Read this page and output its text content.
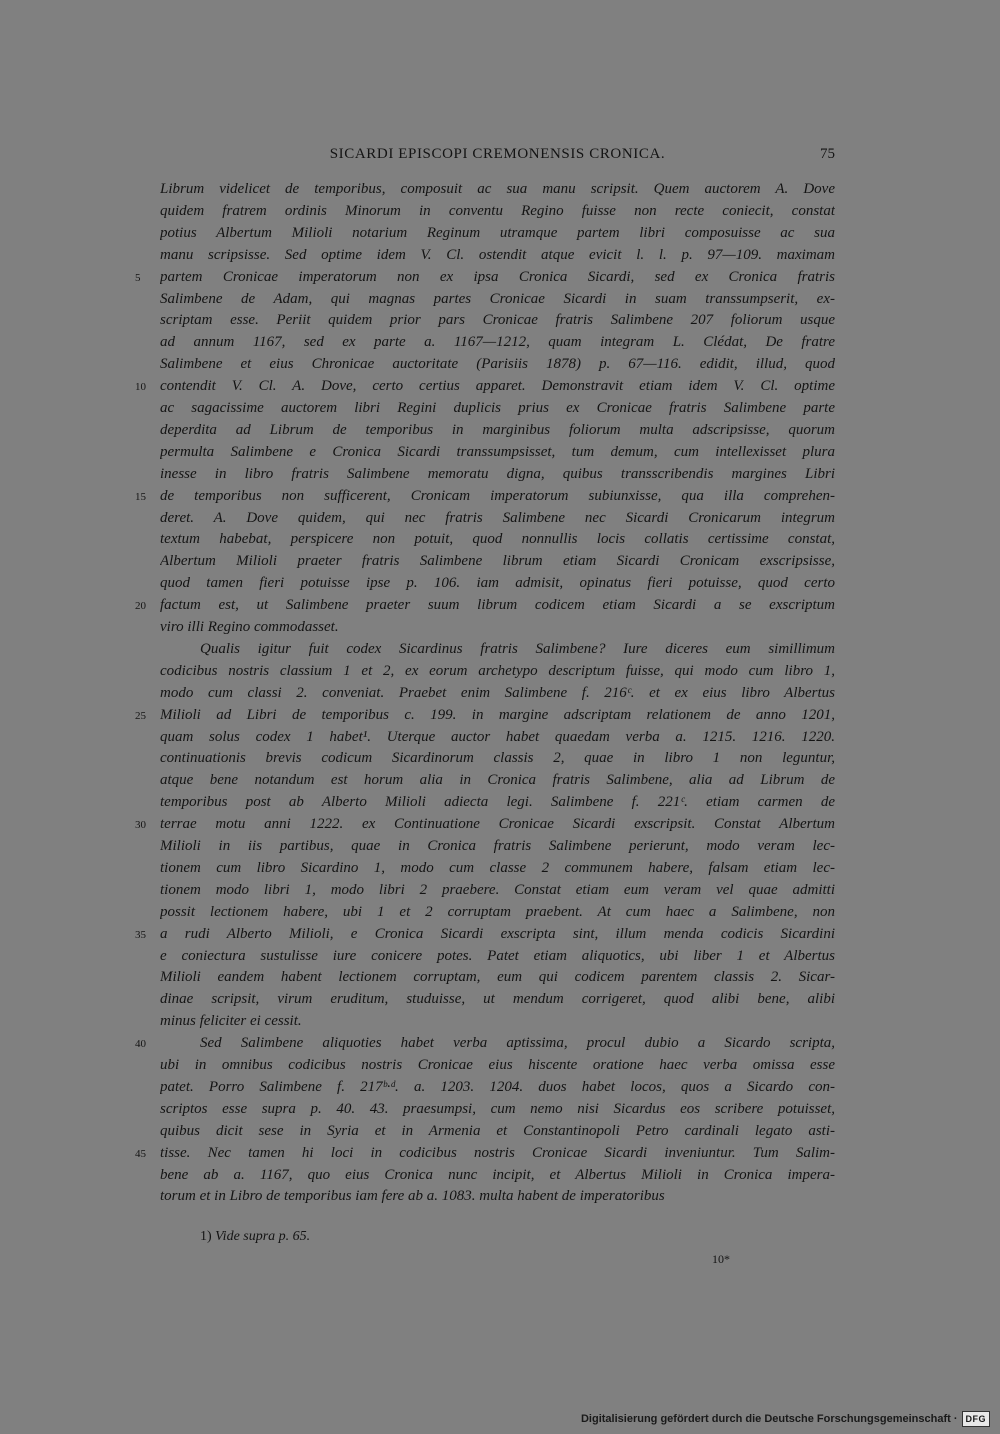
SICARDI EPISCOPI CREMONENSIS CRONICA.	75
Librum videlicet de temporibus, composuit ac sua manu scripsit. Quem auctorem A. Dove
quidem fratrem ordinis Minorum in conventu Regino fuisse non recte coniecit, constat
potius Albertum Milioli notarium Reginum utramque partem libri composuisse ac sua
manu scripsisse. Sed optime idem V. Cl. ostendit atque evicit l. l. p. 97—109. maximam
partem Cronicae imperatorum non ex ipsa Cronica Sicardi, sed ex Cronica fratris
5
Salimbene de Adam, qui magnas partes Cronicae Sicardi in suam transsumpserit, ex-
scriptam esse. Periit quidem prior pars Cronicae fratris Salimbene 207 foliorum usque
ad annum 1167, sed ex parte a. 1167—1212, quam integram L. Clédat, De fratre
Salimbene et eius Chronicae auctoritate (Parisiis 1878) p. 67—116. edidit, illud, quod
contendit V. Cl. A. Dove, certo certius apparet. Demonstravit etiam idem V. Cl. optime
10
ac sagacissime auctorem libri Regini duplicis prius ex Cronicae fratris Salimbene parte
deperdita ad Librum de temporibus in marginibus foliorum multa adscripsisse, quorum
permulta Salimbene e Cronica Sicardi transsumpsisset, tum demum, cum intellexisset plura
inesse in libro fratris Salimbene memoratu digna, quibus transscribendis margines Libri
de temporibus non sufficerent, Cronicam imperatorum subiunxisse, qua illa comprehen-
15
deret. A. Dove quidem, qui nec fratris Salimbene nec Sicardi Cronicarum integrum
textum habebat, perspicere non potuit, quod nonnullis locis collatis certissime constat,
Albertum Milioli praeter fratris Salimbene librum etiam Sicardi Cronicam exscripsisse,
quod tamen fieri potuisse ipse p. 106. iam admisit, opinatus fieri potuisse, quod certo
factum est, ut Salimbene praeter suum librum codicem etiam Sicardi a se exscriptum
20
viro illi Regino commodasset.
Qualis igitur fuit codex Sicardinus fratris Salimbene? Iure diceres eum simillimum
codicibus nostris classium 1 et 2, ex eorum archetypo descriptum fuisse, qui modo cum libro 1,
modo cum classi 2. conveniat. Praebet enim Salimbene f. 216ᶜ. et ex eius libro Albertus
Milioli ad Libri de temporibus c. 199. in margine adscriptam relationem de anno 1201,
25
quam solus codex 1 habet¹. Uterque auctor habet quaedam verba a. 1215. 1216. 1220.
continuationis brevis codicum Sicardinorum classis 2, quae in libro 1 non leguntur,
atque bene notandum est horum alia in Cronica fratris Salimbene, alia ad Librum de
temporibus post ab Alberto Milioli adiecta legi. Salimbene f. 221ᶜ. etiam carmen de
terrae motu anni 1222. ex Continuatione Cronicae Sicardi exscripsit. Constat Albertum
30
Milioli in iis partibus, quae in Cronica fratris Salimbene perierunt, modo veram lec-
tionem cum libro Sicardino 1, modo cum classe 2 communem habere, falsam etiam lec-
tionem modo libri 1, modo libri 2 praebere. Constat etiam eum veram vel quae admitti
possit lectionem habere, ubi 1 et 2 corruptam praebent. At cum haec a Salimbene, non
a rudi Alberto Milioli, e Cronica Sicardi exscripta sint, illum menda codicis Sicardini
35
e coniectura sustulisse iure conicere potes. Patet etiam aliquotics, ubi liber 1 et Albertus
Milioli eandem habent lectionem corruptam, eum qui codicem parentem classis 2. Sicar-
dinae scripsit, virum eruditum, studuisse, ut mendum corrigeret, quod alibi bene, alibi
minus feliciter ei cessit.
Sed Salimbene aliquoties habet verba aptissima, procul dubio a Sicardo scripta,
40
ubi in omnibus codicibus nostris Cronicae eius hiscente oratione haec verba omissa esse
patet. Porro Salimbene f. 217ᵇ·ᵈ. a. 1203. 1204. duos habet locos, quos a Sicardo con-
scriptos esse supra p. 40. 43. praesumpsi, cum nemo nisi Sicardus eos scribere potuisset,
quibus dicit sese in Syria et in Armenia et Constantinopoli Petro cardinali legato asti-
tisse. Nec tamen hi loci in codicibus nostris Cronicae Sicardi inveniuntur. Tum Salim-
45
bene ab a. 1167, quo eius Cronica nunc incipit, et Albertus Milioli in Cronica impera-
torum et in Libro de temporibus iam fere ab a. 1083. multa habent de imperatoribus
1) Vide supra p. 65.
10*
Digitalisierung gefördert durch die Deutsche Forschungsgemeinschaft · DFG
